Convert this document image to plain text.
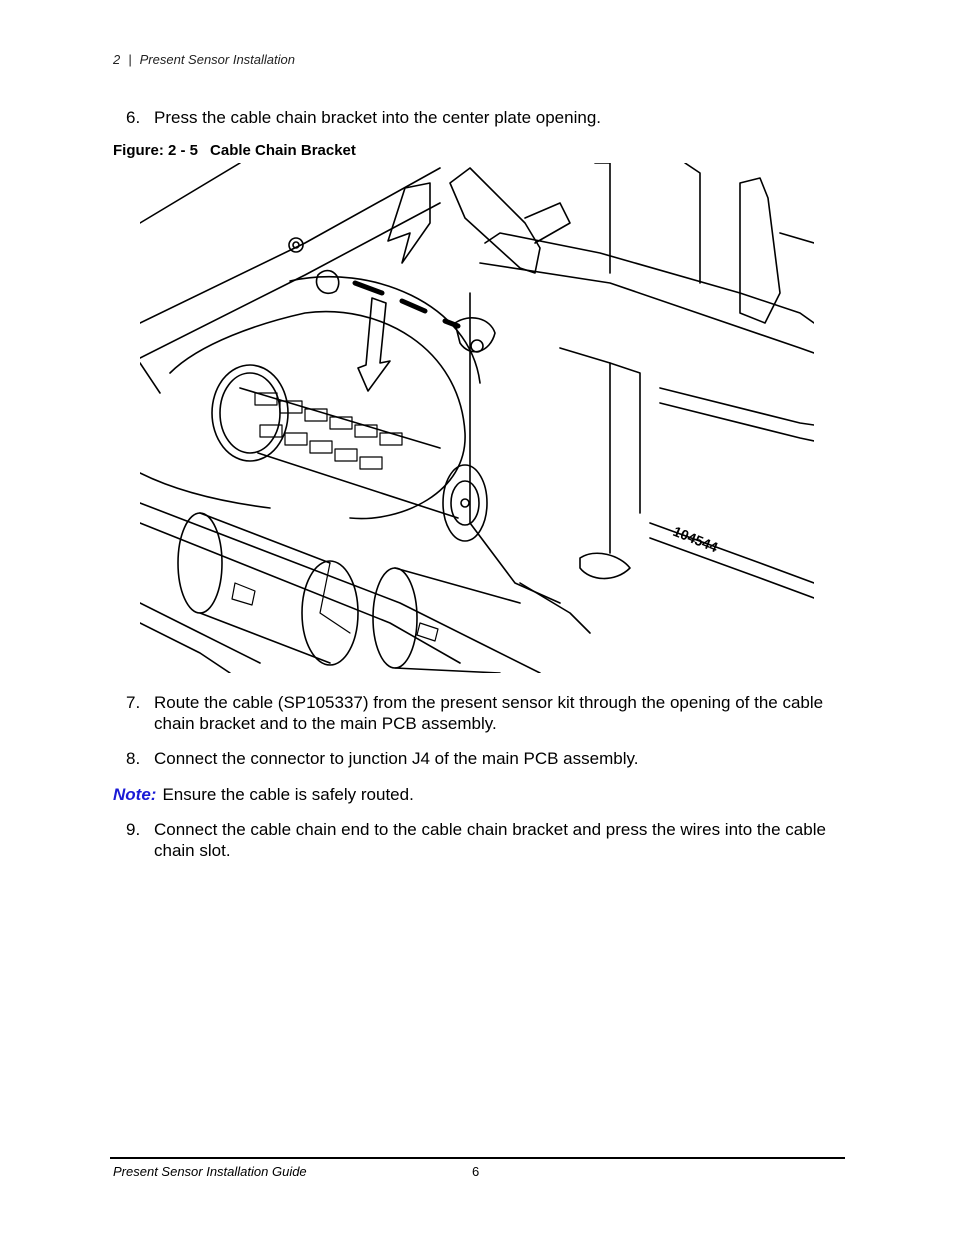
2 | Present Sensor Installation
6. Press the cable chain bracket into the center plate opening.
Figure: 2 - 5 Cable Chain Bracket
104544
7. Route the cable (SP105337) from the present sensor kit through the opening of the cable chain bracket and to the main PCB assembly.
8. Connect the connector to junction J4 of the main PCB assembly.
Note: Ensure the cable is safely routed.
9. Connect the cable chain end to the cable chain bracket and press the wires into the cable chain slot.
Present Sensor Installation Guide	6
